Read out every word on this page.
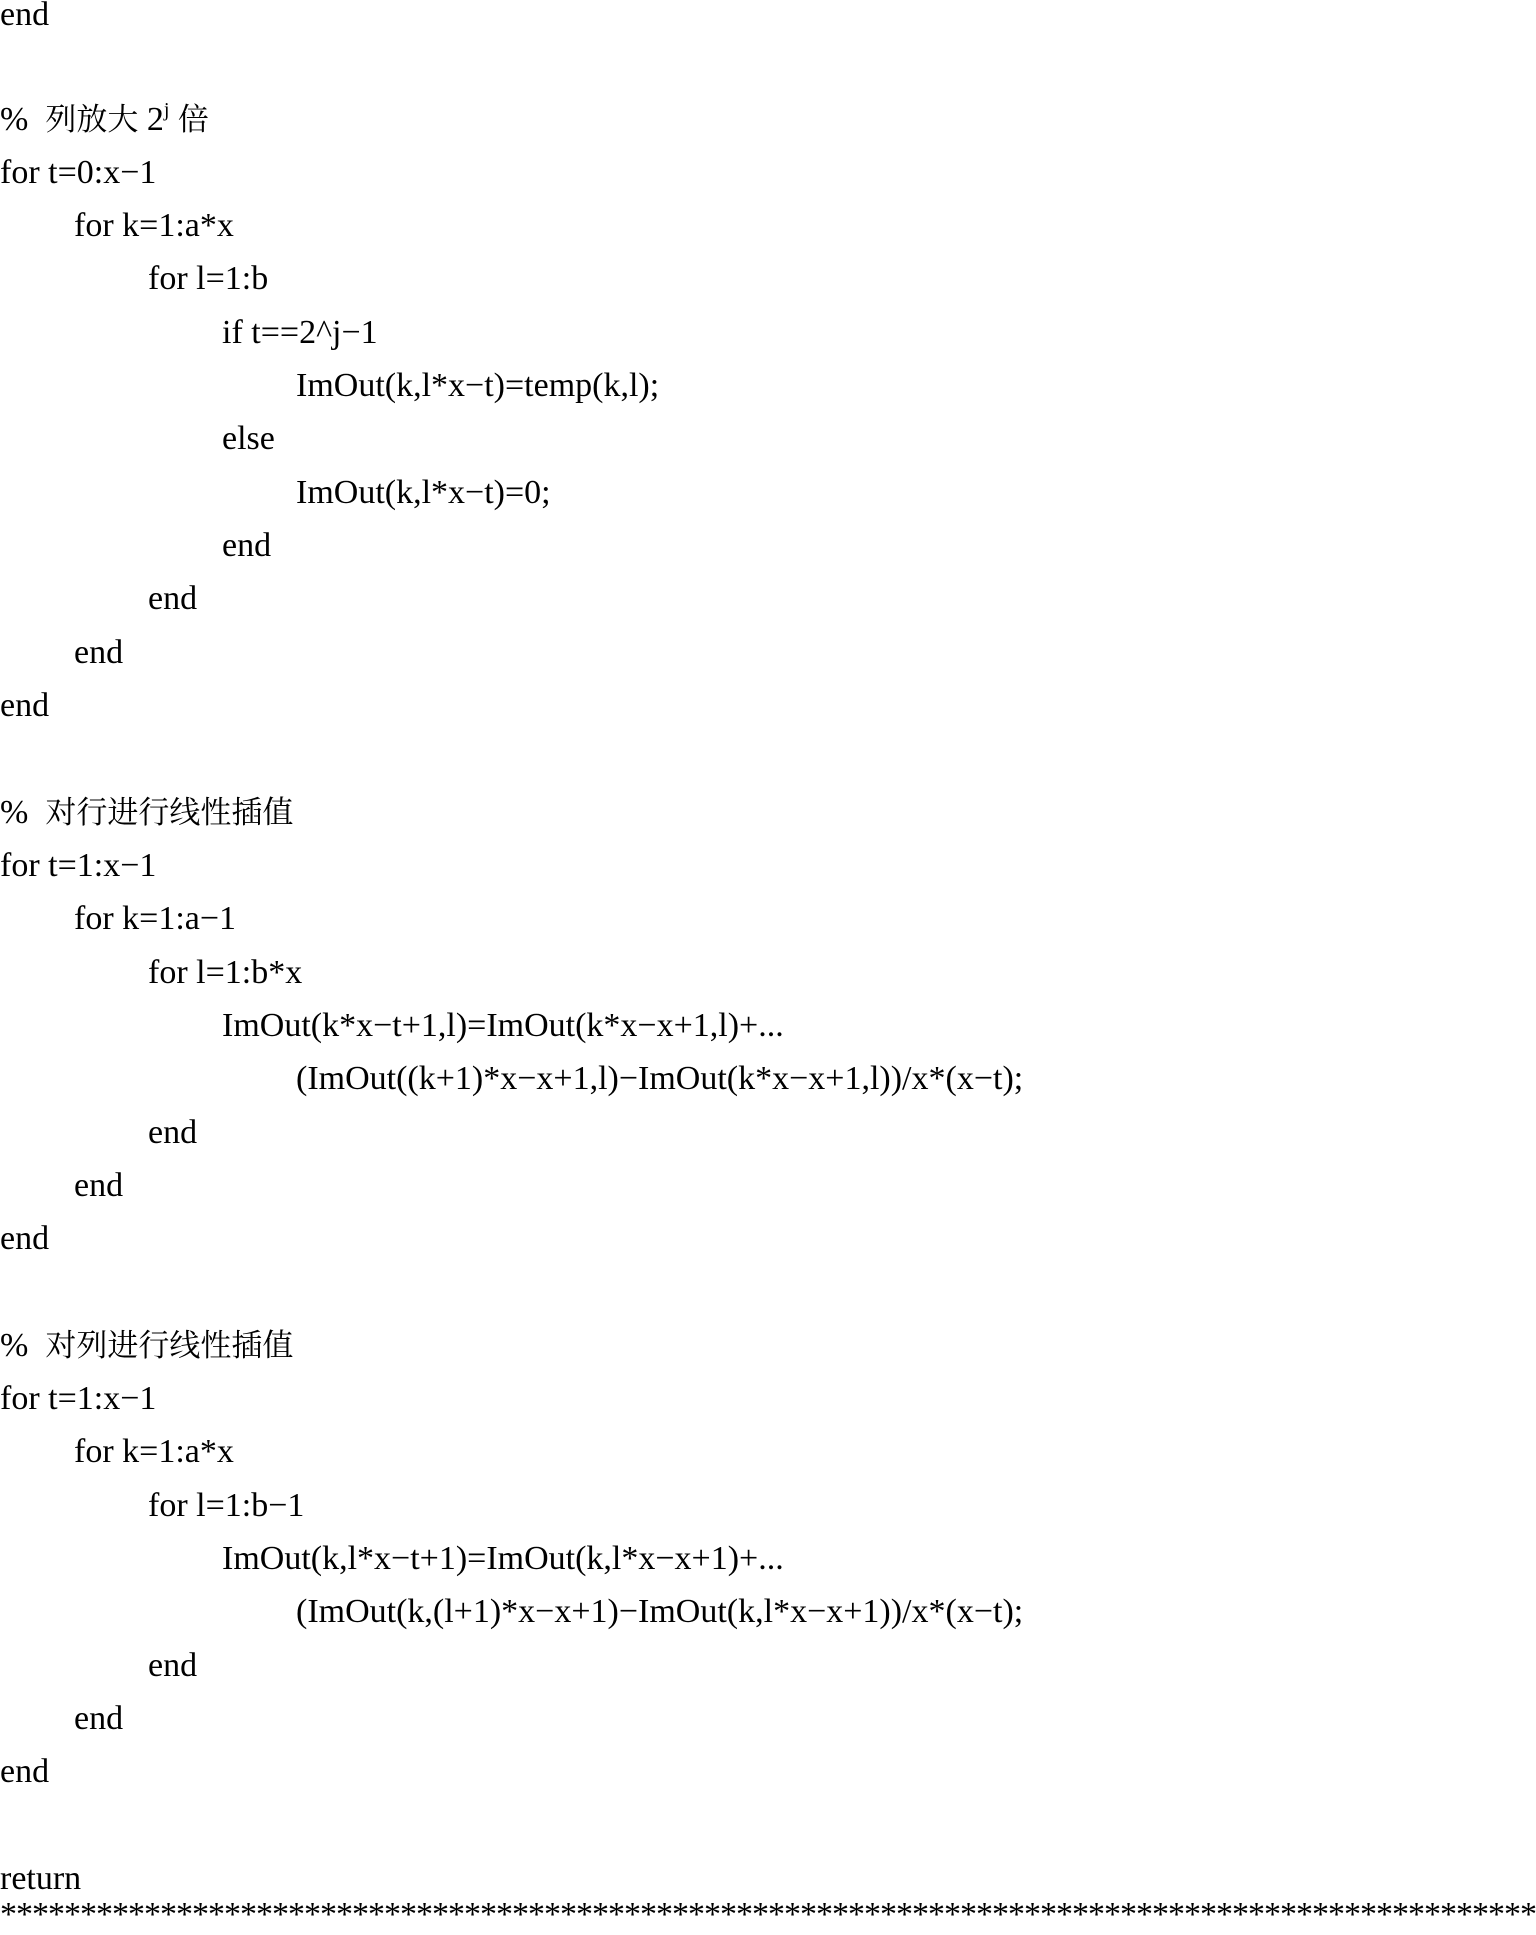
end
% 列放大 2$^j$ 倍
for t=0:x−1
for k=1:a*x
for l=1:b
if t==2^j−1
ImOut(k,l*x−t)=temp(k,l);
else
ImOut(k,l*x−t)=0;
end
end
end
end
% 对行进行线性插值
for t=1:x−1
for k=1:a−1
for l=1:b*x
ImOut(k*x−t+1,l)=ImOut(k*x−x+1,l)+...
(ImOut((k+1)*x−x+1,l)−ImOut(k*x−x+1,l))/x*(x−t);
end
end
end
% 对列进行线性插值
for t=1:x−1
for k=1:a*x
for l=1:b−1
ImOut(k,l*x−t+1)=ImOut(k,l*x−x+1)+...
(ImOut(k,(l+1)*x−x+1)−ImOut(k,l*x−x+1))/x*(x−t);
end
end
end
return
************************************************************************************************
